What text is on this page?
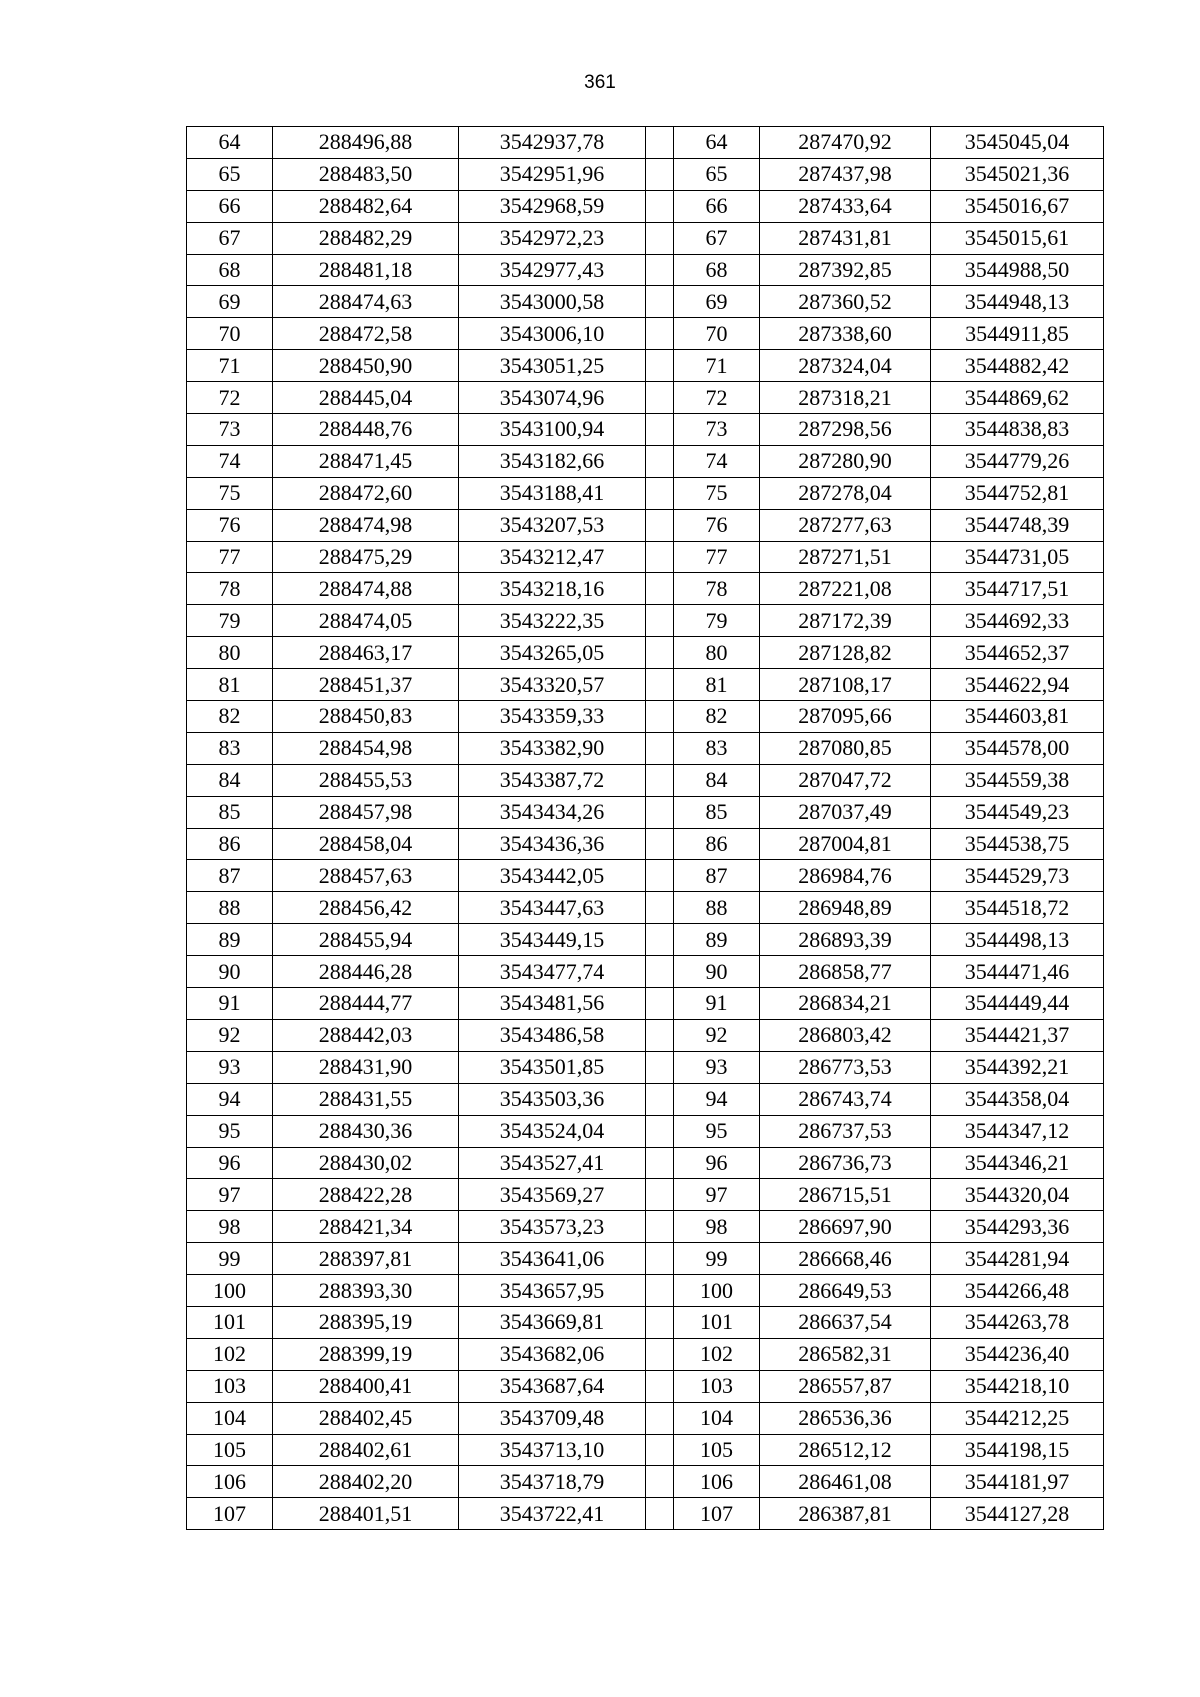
361
64	288496,88	3542937,78		64	287470,92	3545045,04
65	288483,50	3542951,96		65	287437,98	3545021,36
66	288482,64	3542968,59		66	287433,64	3545016,67
67	288482,29	3542972,23		67	287431,81	3545015,61
68	288481,18	3542977,43		68	287392,85	3544988,50
69	288474,63	3543000,58		69	287360,52	3544948,13
70	288472,58	3543006,10		70	287338,60	3544911,85
71	288450,90	3543051,25		71	287324,04	3544882,42
72	288445,04	3543074,96		72	287318,21	3544869,62
73	288448,76	3543100,94		73	287298,56	3544838,83
74	288471,45	3543182,66		74	287280,90	3544779,26
75	288472,60	3543188,41		75	287278,04	3544752,81
76	288474,98	3543207,53		76	287277,63	3544748,39
77	288475,29	3543212,47		77	287271,51	3544731,05
78	288474,88	3543218,16		78	287221,08	3544717,51
79	288474,05	3543222,35		79	287172,39	3544692,33
80	288463,17	3543265,05		80	287128,82	3544652,37
81	288451,37	3543320,57		81	287108,17	3544622,94
82	288450,83	3543359,33		82	287095,66	3544603,81
83	288454,98	3543382,90		83	287080,85	3544578,00
84	288455,53	3543387,72		84	287047,72	3544559,38
85	288457,98	3543434,26		85	287037,49	3544549,23
86	288458,04	3543436,36		86	287004,81	3544538,75
87	288457,63	3543442,05		87	286984,76	3544529,73
88	288456,42	3543447,63		88	286948,89	3544518,72
89	288455,94	3543449,15		89	286893,39	3544498,13
90	288446,28	3543477,74		90	286858,77	3544471,46
91	288444,77	3543481,56		91	286834,21	3544449,44
92	288442,03	3543486,58		92	286803,42	3544421,37
93	288431,90	3543501,85		93	286773,53	3544392,21
94	288431,55	3543503,36		94	286743,74	3544358,04
95	288430,36	3543524,04		95	286737,53	3544347,12
96	288430,02	3543527,41		96	286736,73	3544346,21
97	288422,28	3543569,27		97	286715,51	3544320,04
98	288421,34	3543573,23		98	286697,90	3544293,36
99	288397,81	3543641,06		99	286668,46	3544281,94
100	288393,30	3543657,95		100	286649,53	3544266,48
101	288395,19	3543669,81		101	286637,54	3544263,78
102	288399,19	3543682,06		102	286582,31	3544236,40
103	288400,41	3543687,64		103	286557,87	3544218,10
104	288402,45	3543709,48		104	286536,36	3544212,25
105	288402,61	3543713,10		105	286512,12	3544198,15
106	288402,20	3543718,79		106	286461,08	3544181,97
107	288401,51	3543722,41		107	286387,81	3544127,28
